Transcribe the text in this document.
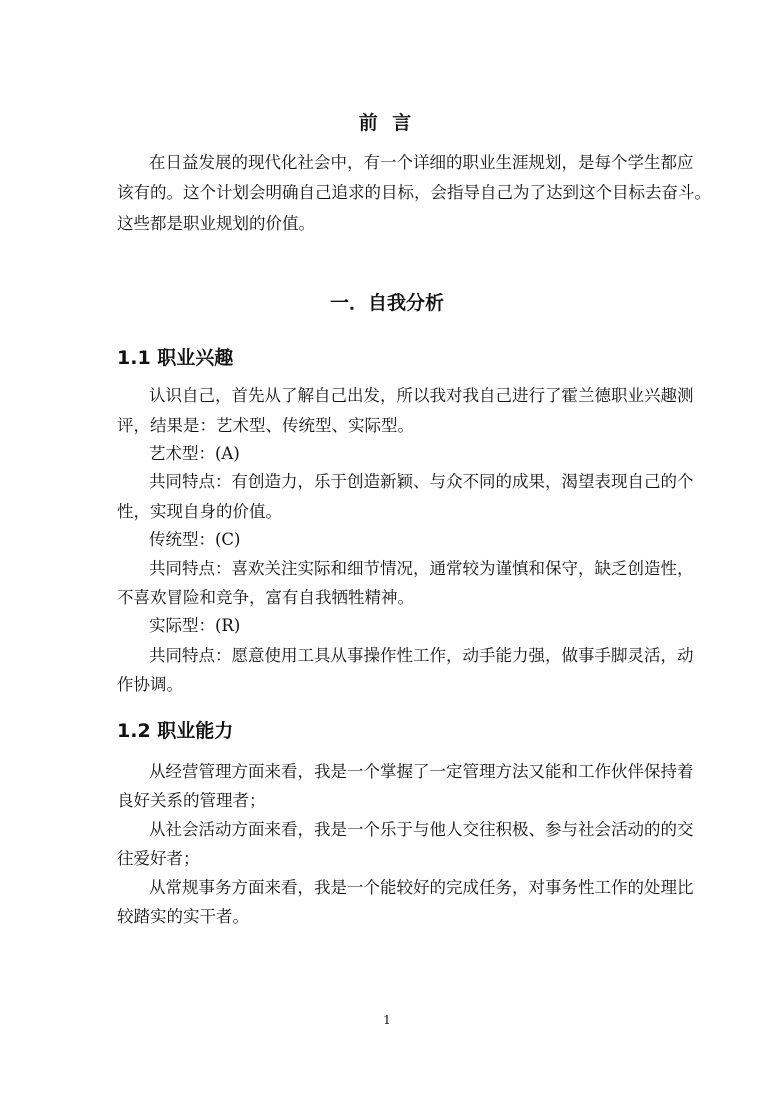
前 言
在日益发展的现代化社会中，有一个详细的职业生涯规划，是每个学生都应
该有的。这个计划会明确自己追求的目标，会指导自己为了达到这个目标去奋斗。
这些都是职业规划的价值。
一．自我分析
1.1 职业兴趣
认识自己，首先从了解自己出发，所以我对我自己进行了霍兰德职业兴趣测
评，结果是：艺术型、传统型、实际型。
艺术型：(A)
共同特点：有创造力，乐于创造新颖、与众不同的成果，渴望表现自己的个
性，实现自身的价值。
传统型：(C)
共同特点：喜欢关注实际和细节情况，通常较为谨慎和保守，缺乏创造性，
不喜欢冒险和竞争，富有自我牺牲精神。
实际型：(R)
共同特点：愿意使用工具从事操作性工作，动手能力强，做事手脚灵活，动
作协调。
1.2 职业能力
从经营管理方面来看，我是一个掌握了一定管理方法又能和工作伙伴保持着
良好关系的管理者；
从社会活动方面来看，我是一个乐于与他人交往积极、参与社会活动的的交
往爱好者；
从常规事务方面来看，我是一个能较好的完成任务，对事务性工作的处理比
较踏实的实干者。
1
